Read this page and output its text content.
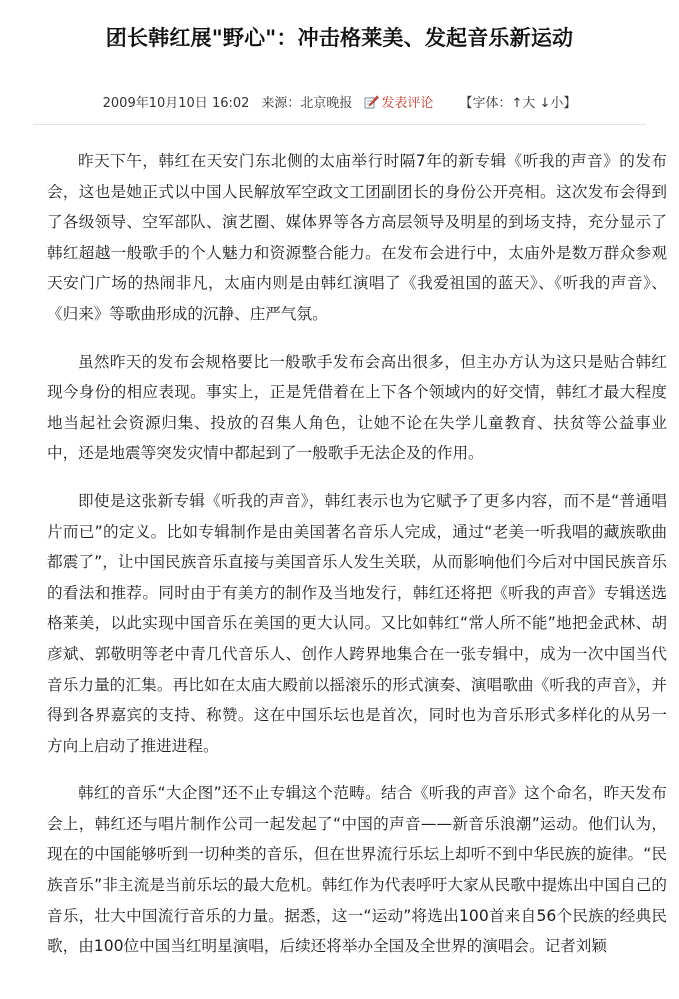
团长韩红展"野心"：冲击格莱美、发起音乐新运动
2009年10月10日 16:02 来源：北京晚报 发表评论 【字体：↑大 ↓小】

昨天下午，韩红在天安门东北侧的太庙举行时隔7年的新专辑《听我的声音》的发布会，这也是她正式以中国人民解放军空政文工团副团长的身份公开亮相。这次发布会得到了各级领导、空军部队、演艺圈、媒体界等各方高层领导及明星的到场支持，充分显示了韩红超越一般歌手的个人魅力和资源整合能力。在发布会进行中，太庙外是数万群众参观天安门广场的热闹非凡，太庙内则是由韩红演唱了《我爱祖国的蓝天》、《听我的声音》、《归来》等歌曲形成的沉静、庄严气氛。

虽然昨天的发布会规格要比一般歌手发布会高出很多，但主办方认为这只是贴合韩红现今身份的相应表现。事实上，正是凭借着在上下各个领域内的好交情，韩红才最大程度地当起社会资源归集、投放的召集人角色，让她不论在失学儿童教育、扶贫等公益事业中，还是地震等突发灾情中都起到了一般歌手无法企及的作用。

即使是这张新专辑《听我的声音》，韩红表示也为它赋予了更多内容，而不是“普通唱片而已”的定义。比如专辑制作是由美国著名音乐人完成，通过“老美一听我唱的藏族歌曲都震了”，让中国民族音乐直接与美国音乐人发生关联，从而影响他们今后对中国民族音乐的看法和推荐。同时由于有美方的制作及当地发行，韩红还将把《听我的声音》专辑送选格莱美，以此实现中国音乐在美国的更大认同。又比如韩红“常人所不能”地把金武林、胡彦斌、郭敬明等老中青几代音乐人、创作人跨界地集合在一张专辑中，成为一次中国当代音乐力量的汇集。再比如在太庙大殿前以摇滚乐的形式演奏、演唱歌曲《听我的声音》，并得到各界嘉宾的支持、称赞。这在中国乐坛也是首次，同时也为音乐形式多样化的从另一方向上启动了推进进程。

韩红的音乐“大企图”还不止专辑这个范畴。结合《听我的声音》这个命名，昨天发布会上，韩红还与唱片制作公司一起发起了“中国的声音——新音乐浪潮”运动。他们认为，现在的中国能够听到一切种类的音乐，但在世界流行乐坛上却听不到中华民族的旋律。“民族音乐”非主流是当前乐坛的最大危机。韩红作为代表呼吁大家从民歌中提炼出中国自己的音乐，壮大中国流行音乐的力量。据悉，这一“运动”将选出100首来自56个民族的经典民歌，由100位中国当红明星演唱，后续还将举办全国及全世界的演唱会。记者刘颖
